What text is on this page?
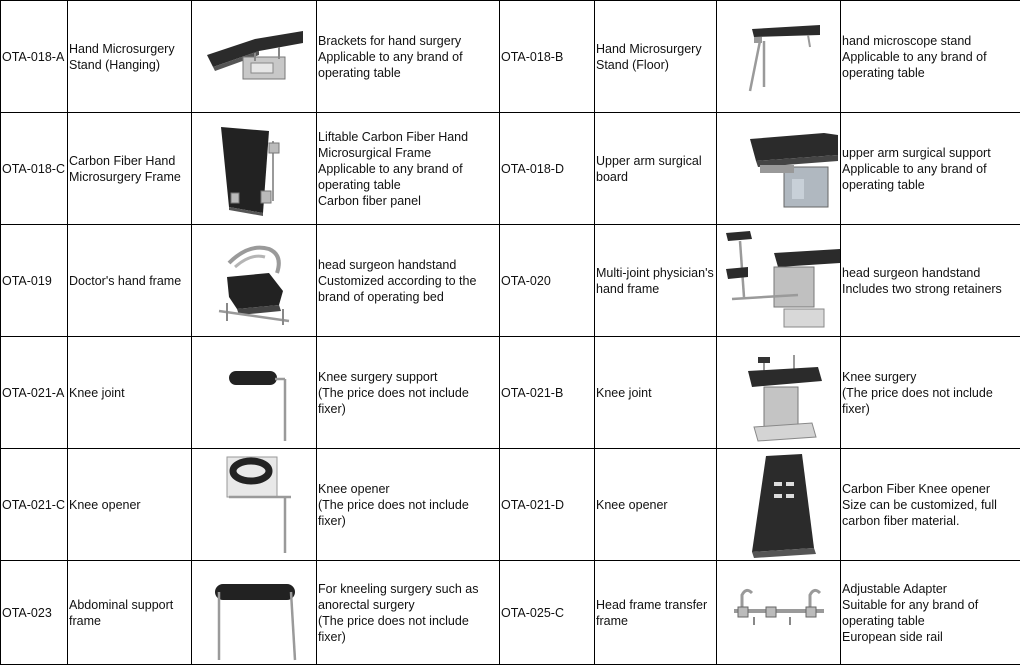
OTA-018-A	Hand Microsurgery Stand (Hanging)		Brackets for hand surgery
Applicable to any brand of operating table	OTA-018-B	Hand Microsurgery Stand (Floor)		hand microscope stand
Applicable to any brand of operating table

OTA-018-C	Carbon Fiber Hand Microsurgery Frame		Liftable Carbon Fiber Hand Microsurgical Frame
Applicable to any brand of operating table
Carbon fiber panel	OTA-018-D	Upper arm surgical board		upper arm surgical support
Applicable to any brand of operating table

OTA-019	Doctor's hand frame		head surgeon handstand
Customized according to the brand of operating bed	OTA-020	Multi-joint physician's hand frame		head surgeon handstand
Includes two strong retainers

OTA-021-A	Knee joint		Knee surgery support
(The price does not include fixer)	OTA-021-B	Knee joint		Knee surgery
(The price does not include fixer)

OTA-021-C	Knee opener		Knee opener
(The price does not include fixer)	OTA-021-D	Knee opener		Carbon Fiber Knee opener
Size can be customized, full carbon fiber material.

OTA-023	Abdominal support frame		For kneeling surgery such as anorectal surgery
(The price does not include fixer)	OTA-025-C	Head frame transfer frame		Adjustable Adapter
Suitable for any brand of operating table
European side rail
